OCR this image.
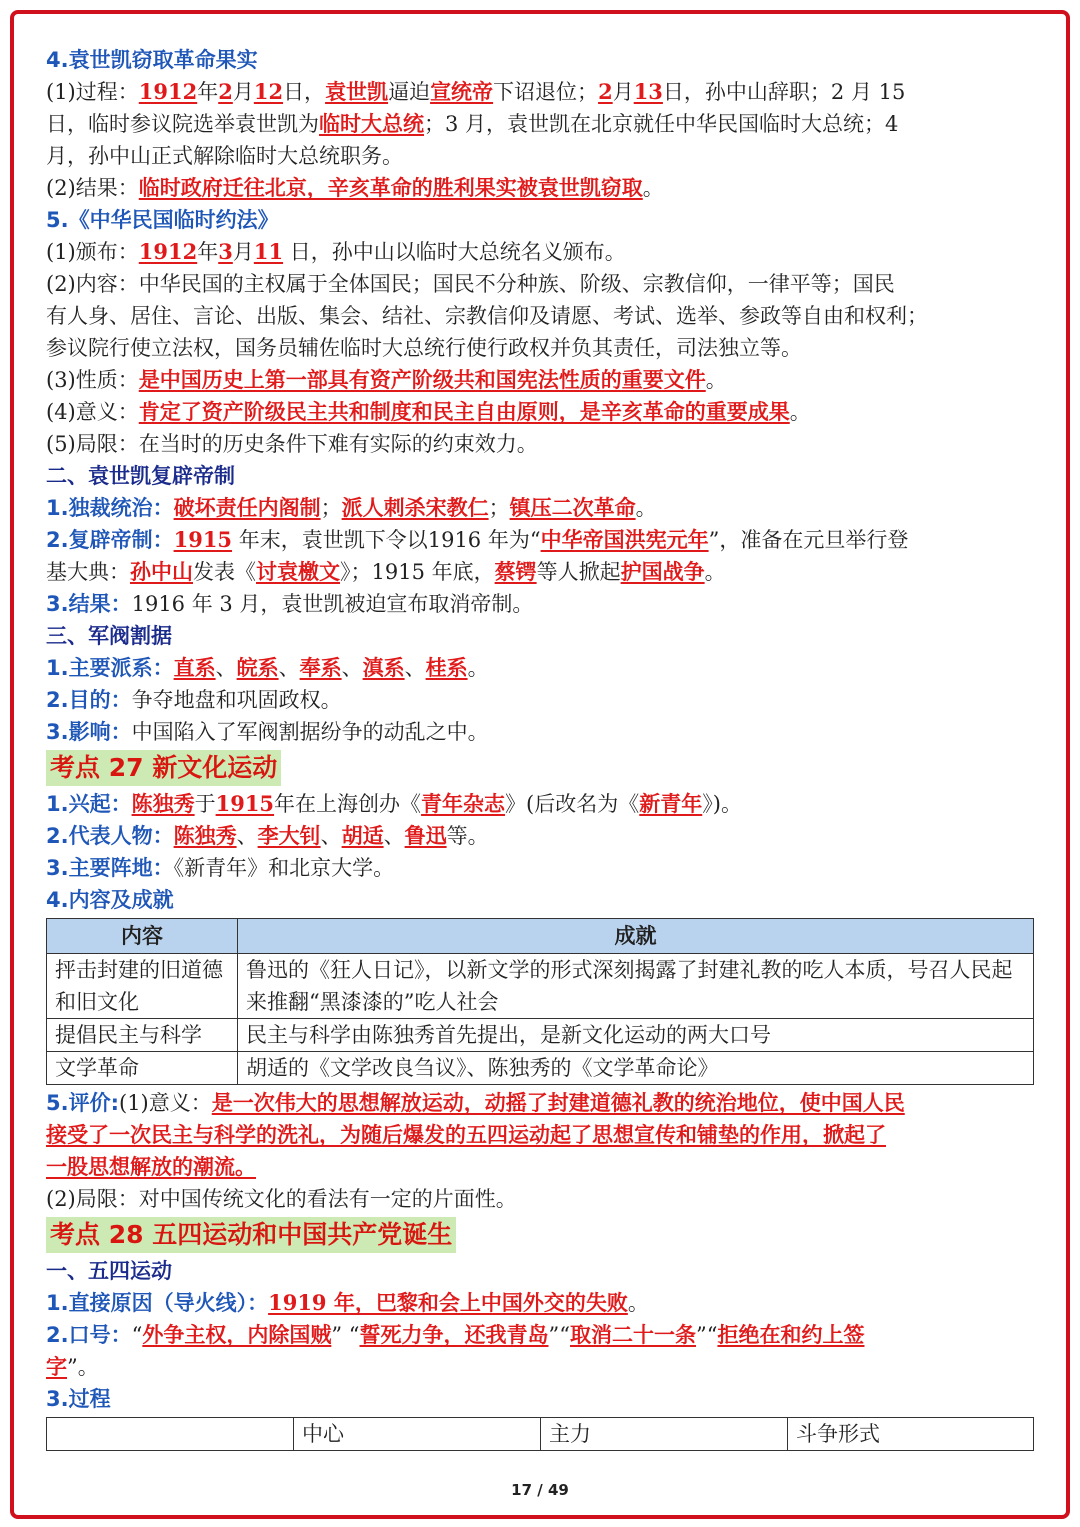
4.袁世凯窃取革命果实

(1)过程：1912年2月12日，袁世凯逼迫宣统帝下诏退位；2月13日，孙中山辞职；2 月 15

日，临时参议院选举袁世凯为临时大总统；3 月，袁世凯在北京就任中华民国临时大总统；4

月，孙中山正式解除临时大总统职务。

(2)结果：临时政府迁往北京，辛亥革命的胜利果实被袁世凯窃取。

5.《中华民国临时约法》

(1)颁布：1912年3月11 日，孙中山以临时大总统名义颁布。

(2)内容：中华民国的主权属于全体国民；国民不分种族、阶级、宗教信仰，一律平等；国民

有人身、居住、言论、出版、集会、结社、宗教信仰及请愿、考试、选举、参政等自由和权利；

参议院行使立法权，国务员辅佐临时大总统行使行政权并负其责任，司法独立等。

(3)性质：是中国历史上第一部具有资产阶级共和国宪法性质的重要文件。

(4)意义：肯定了资产阶级民主共和制度和民主自由原则，是辛亥革命的重要成果。

(5)局限：在当时的历史条件下难有实际的约束效力。

二、袁世凯复辟帝制

1.独裁统治：破坏责任内阁制；派人刺杀宋教仁；镇压二次革命。

2.复辟帝制：1915 年末，袁世凯下令以1916 年为“中华帝国洪宪元年”，准备在元旦举行登

基大典：孙中山发表《讨袁檄文》；1915 年底，蔡锷等人掀起护国战争。

3.结果：1916 年 3 月，袁世凯被迫宣布取消帝制。

三、军阀割据

1.主要派系：直系、皖系、奉系、滇系、桂系。

2.目的：争夺地盘和巩固政权。

3.影响：中国陷入了军阀割据纷争的动乱之中。

考点 27 新文化运动

1.兴起：陈独秀于1915年在上海创办《青年杂志》(后改名为《新青年》)。

2.代表人物：陈独秀、李大钊、胡适、鲁迅等。

3.主要阵地：《新青年》和北京大学。

4.内容及成就

内容	成就
抨击封建的旧道德和旧文化	鲁迅的《狂人日记》，以新文学的形式深刻揭露了封建礼教的吃人本质，号召人民起来推翻“黑漆漆的”吃人社会
提倡民主与科学	民主与科学由陈独秀首先提出，是新文化运动的两大口号
文学革命	胡适的《文学改良刍议》、陈独秀的《文学革命论》

5.评价:(1)意义：是一次伟大的思想解放运动，动摇了封建道德礼教的统治地位，使中国人民

接受了一次民主与科学的洗礼，为随后爆发的五四运动起了思想宣传和铺垫的作用，掀起了

一股思想解放的潮流。

(2)局限：对中国传统文化的看法有一定的片面性。

考点 28 五四运动和中国共产党诞生

一、五四运动

1.直接原因（导火线）：1919 年，巴黎和会上中国外交的失败。

2.口号：“外争主权，内除国贼” “誓死力争，还我青岛”“取消二十一条”“拒绝在和约上签

字”。

3.过程

	中心	主力	斗争形式
17 / 49
